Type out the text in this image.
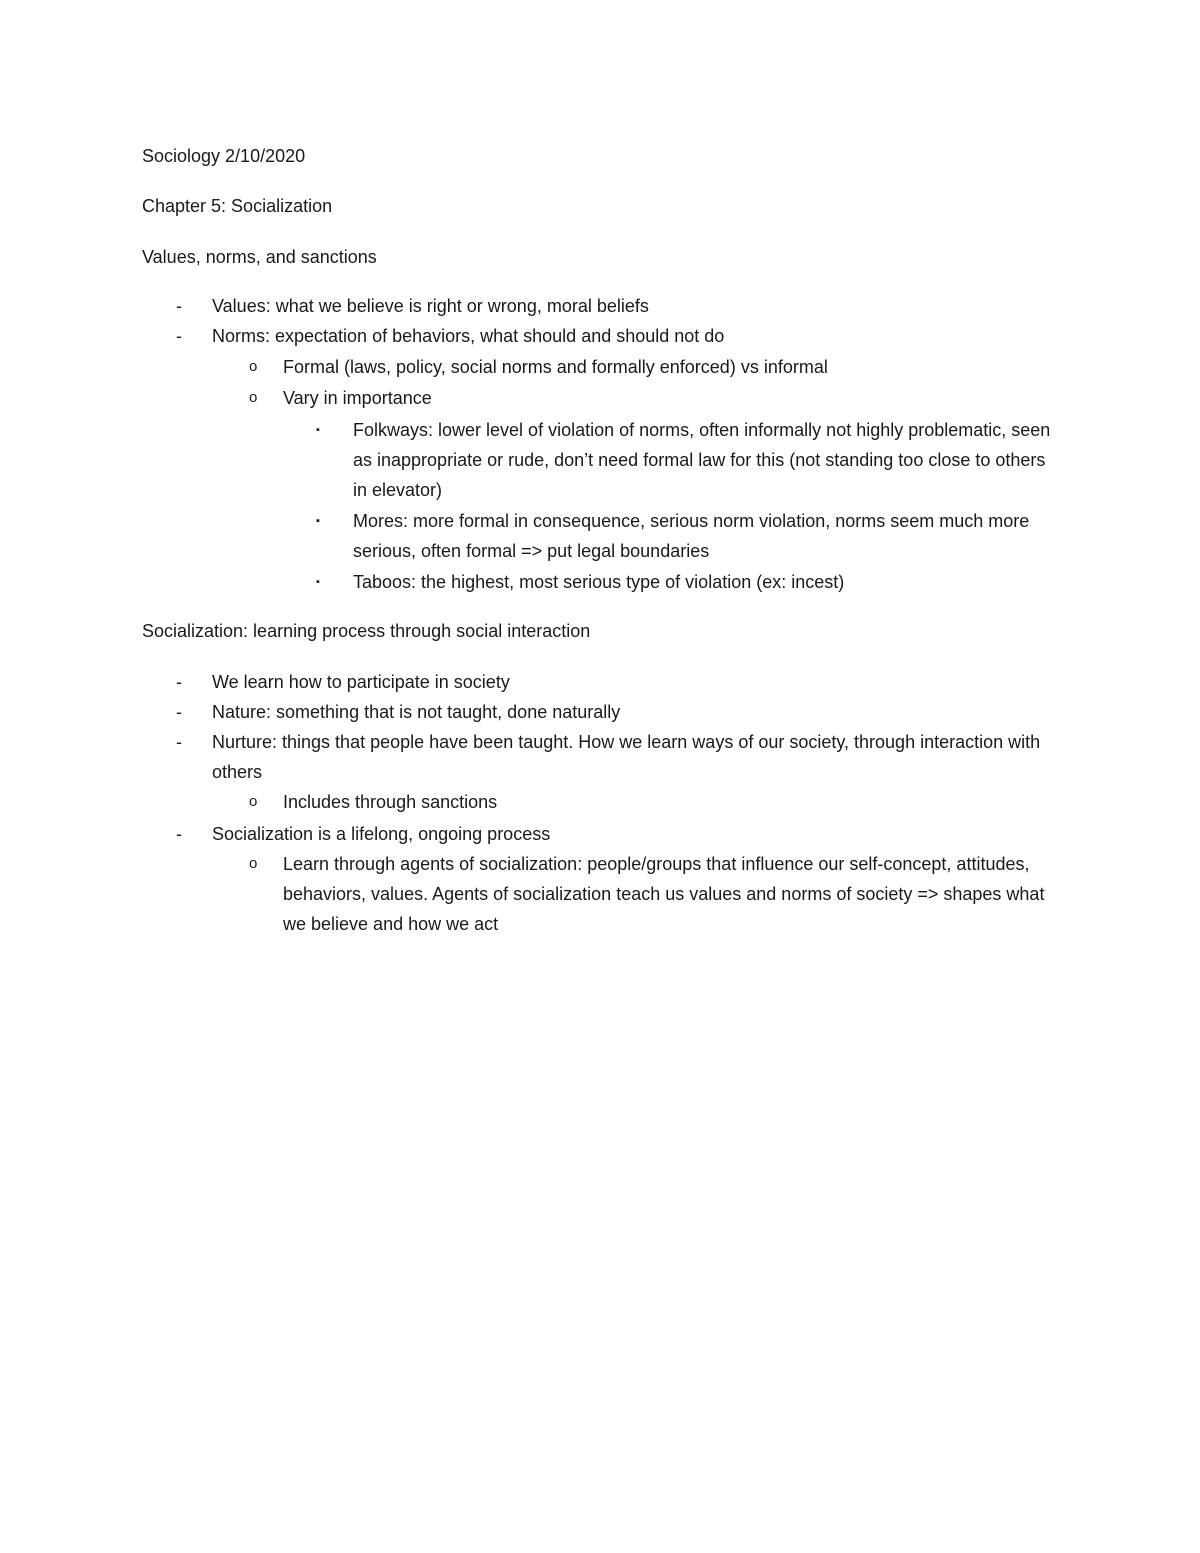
Sociology 2/10/2020

Chapter 5: Socialization

Values, norms, and sanctions

-	Values: what we believe is right or wrong, moral beliefs
-	Norms: expectation of behaviors, what should and should not do
o	Formal (laws, policy, social norms and formally enforced) vs informal
o	Vary in importance
▪	Folkways: lower level of violation of norms, often informally not highly problematic, seen as inappropriate or rude, don’t need formal law for this (not standing too close to others in elevator)
▪	Mores: more formal in consequence, serious norm violation, norms seem much more serious, often formal => put legal boundaries
▪	Taboos: the highest, most serious type of violation (ex: incest)

Socialization: learning process through social interaction

-	We learn how to participate in society
-	Nature: something that is not taught, done naturally
-	Nurture: things that people have been taught. How we learn ways of our society, through interaction with others
o	Includes through sanctions
-	Socialization is a lifelong, ongoing process
o	Learn through agents of socialization: people/groups that influence our self-concept, attitudes, behaviors, values. Agents of socialization teach us values and norms of society => shapes what we believe and how we act
